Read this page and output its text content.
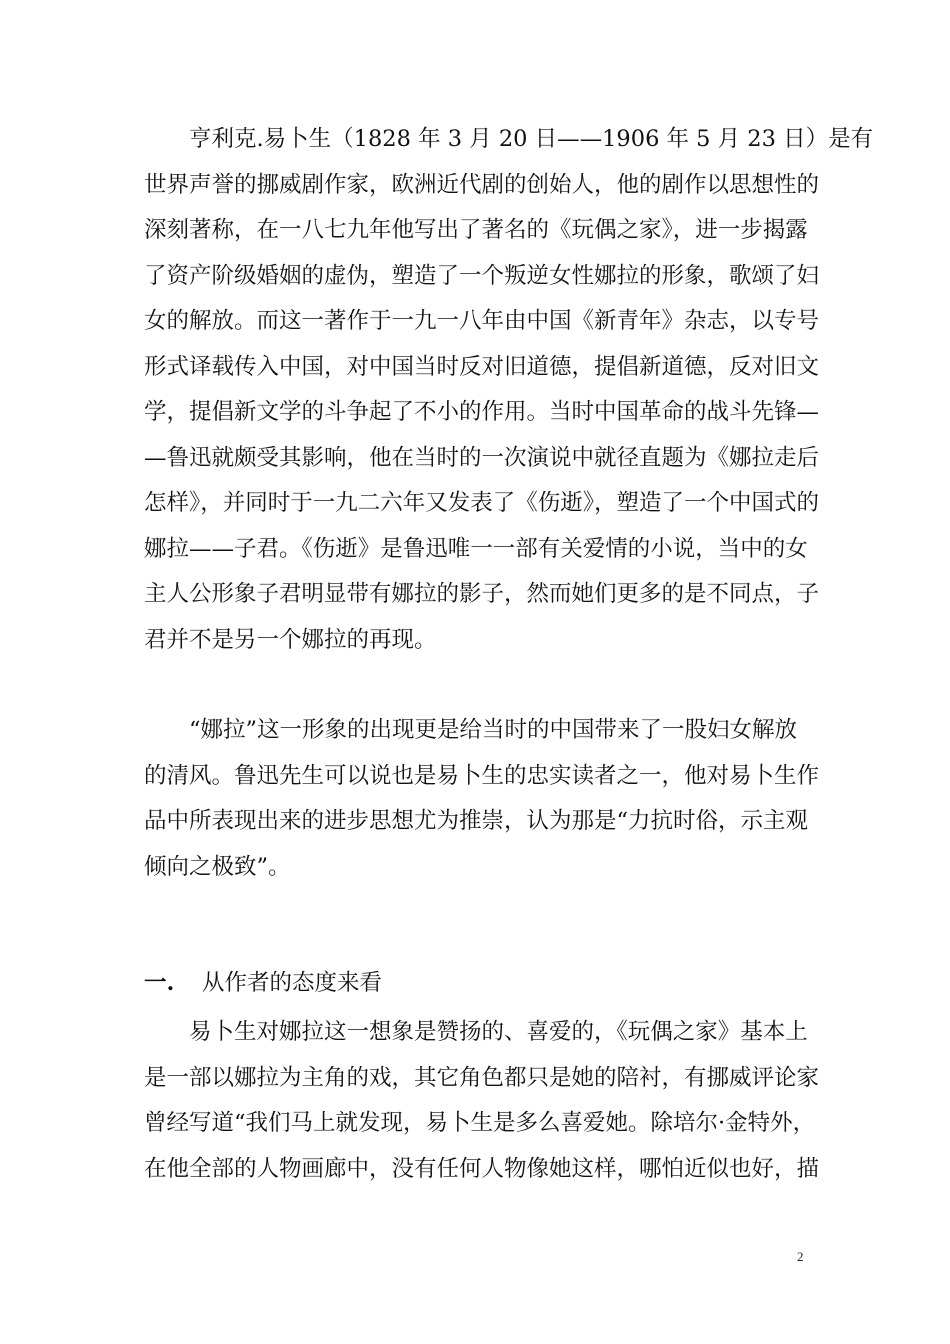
亨利克.易卜生（1828 年 3 月 20 日——1906 年 5 月 23 日）是有
世界声誉的挪威剧作家，欧洲近代剧的创始人，他的剧作以思想性的
深刻著称，在一八七九年他写出了著名的《玩偶之家》，进一步揭露
了资产阶级婚姻的虚伪，塑造了一个叛逆女性娜拉的形象，歌颂了妇
女的解放。而这一著作于一九一八年由中国《新青年》杂志，以专号
形式译载传入中国，对中国当时反对旧道德，提倡新道德，反对旧文
学，提倡新文学的斗争起了不小的作用。当时中国革命的战斗先锋—
—鲁迅就颇受其影响，他在当时的一次演说中就径直题为《娜拉走后
怎样》，并同时于一九二六年又发表了《伤逝》，塑造了一个中国式的
娜拉——子君。《伤逝》是鲁迅唯一一部有关爱情的小说，当中的女
主人公形象子君明显带有娜拉的影子，然而她们更多的是不同点，子
君并不是另一个娜拉的再现。

“娜拉”这一形象的出现更是给当时的中国带来了一股妇女解放
的清风。鲁迅先生可以说也是易卜生的忠实读者之一，他对易卜生作
品中所表现出来的进步思想尤为推崇，认为那是“力抗时俗，示主观
倾向之极致”。

一. 从作者的态度来看

易卜生对娜拉这一想象是赞扬的、喜爱的，《玩偶之家》基本上
是一部以娜拉为主角的戏，其它角色都只是她的陪衬，有挪威评论家
曾经写道“我们马上就发现，易卜生是多么喜爱她。除培尔·金特外，
在他全部的人物画廊中，没有任何人物像她这样，哪怕近似也好，描

2
